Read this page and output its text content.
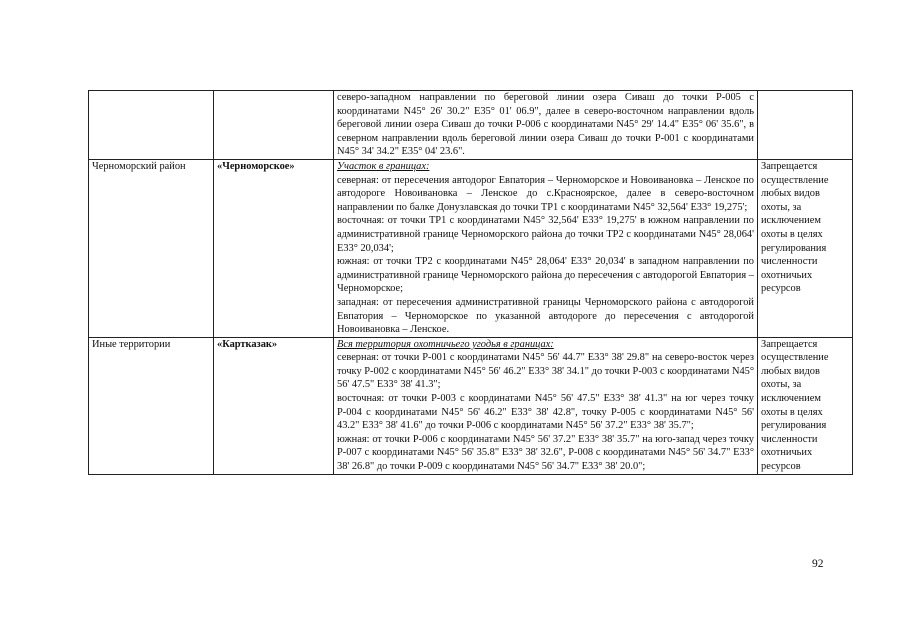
		северо-западном направлении по береговой линии озера Сиваш до точки Р-005 с координатами N45° 26' 30.2" E35° 01' 06.9", далее в северо-восточном направлении вдоль береговой линии озера Сиваш до точки Р-006 с координатами N45° 29' 14.4" E35° 06' 35.6", в северном направлении вдоль береговой линии озера Сиваш до точки Р-001 с координатами N45° 34' 34.2" E35° 04' 23.6".	

Черноморский район	«Черноморское»	Участок в границах:
северная: от пересечения автодорог Евпатория – Черноморское и Новоивановка – Ленское по автодороге Новоивановка – Ленское до с.Красноярское, далее в северо-восточном направлении по балке Донузлавская до точки ТР1 с координатами N45° 32,564' E33° 19,275';
восточная: от точки ТР1 с координатами N45° 32,564' E33° 19,275' в южном направлении по административной границе Черноморского района до точки ТР2 с координатами N45° 28,064' E33° 20,034';
южная: от точки ТР2 с координатами N45° 28,064' E33° 20,034' в западном направлении по административной границе Черноморского района до пересечения с автодорогой Евпатория – Черноморское;
западная: от пересечения административной границы Черноморского района с автодорогой Евпатория – Черноморское по указанной автодороге до пересечения с автодорогой Новоивановка – Ленское.	Запрещается осуществление любых видов охоты, за исключением охоты в целях регулирования численности охотничьих ресурсов
Иные территории	«Картказак»	Вся территория охотничьего угодья в границах:
северная: от точки Р-001 с координатами N45° 56' 44.7" E33° 38' 29.8" на северо-восток через точку Р-002 с координатами N45° 56' 46.2" E33° 38' 34.1" до точки Р-003 с координатами N45° 56' 47.5" E33° 38' 41.3";
восточная: от точки Р-003 с координатами N45° 56' 47.5" E33° 38' 41.3" на юг через точку Р-004 с координатами N45° 56' 46.2" E33° 38' 42.8", точку Р-005 с координатами N45° 56' 43.2" E33° 38' 41.6" до точки Р-006 с координатами N45° 56' 37.2" E33° 38' 35.7";
южная: от точки Р-006 с координатами N45° 56' 37.2" E33° 38' 35.7" на юго-запад через точку Р-007 с координатами N45° 56' 35.8" E33° 38' 32.6", Р-008 с координатами N45° 56' 34.7" E33° 38' 26.8" до точки Р-009 с координатами N45° 56' 34.7" E33° 38' 20.0";	Запрещается осуществление любых видов охоты, за исключением охоты в целях регулирования численности охотничьих ресурсов
92
